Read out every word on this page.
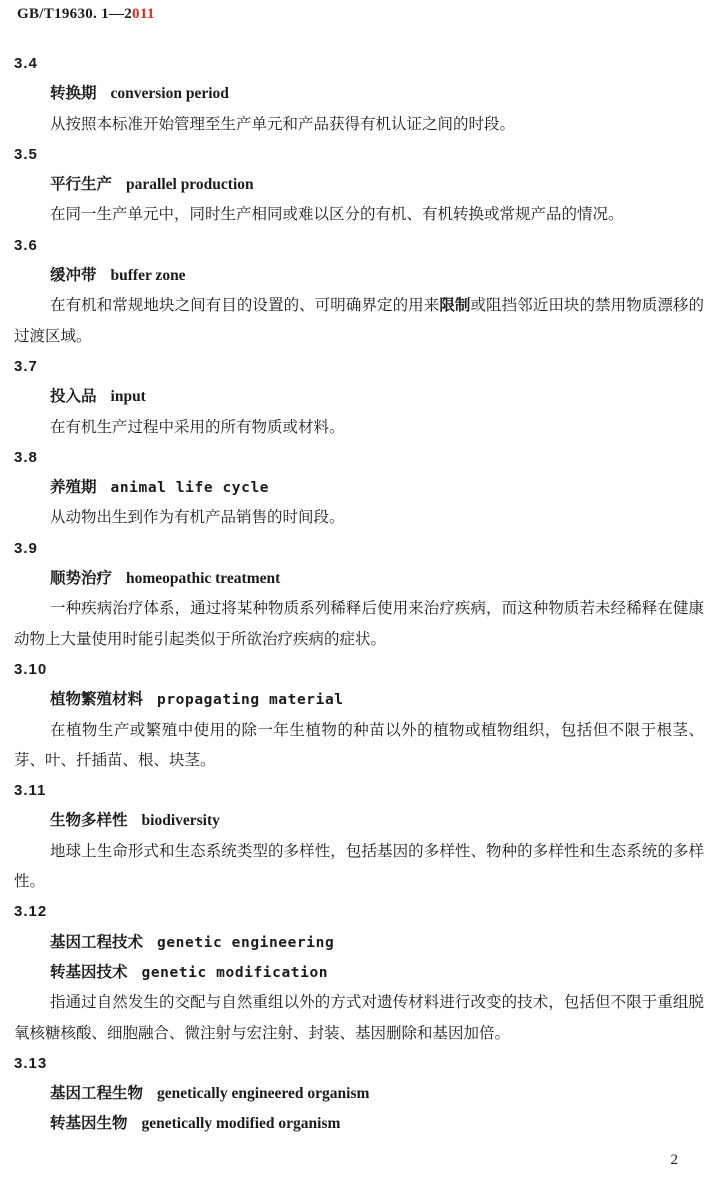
GB/T19630. 1—2011
3.4
转换期 conversion period

从按照本标准开始管理至生产单元和产品获得有机认证之间的时段。

3.5
平行生产 parallel production

在同一生产单元中，同时生产相同或难以区分的有机、有机转换或常规产品的情况。

3.6
缓冲带 buffer zone

在有机和常规地块之间有目的设置的、可明确界定的用来限制或阻挡邻近田块的禁用物质漂移的过渡区域。

3.7
投入品 input

在有机生产过程中采用的所有物质或材料。

3.8
养殖期 animal life cycle

从动物出生到作为有机产品销售的时间段。

3.9
顺势治疗 homeopathic treatment

一种疾病治疗体系，通过将某种物质系列稀释后使用来治疗疾病，而这种物质若未经稀释在健康动物上大量使用时能引起类似于所欲治疗疾病的症状。

3.10
植物繁殖材料 propagating material

在植物生产或繁殖中使用的除一年生植物的种苗以外的植物或植物组织，包括但不限于根茎、芽、叶、扦插苗、根、块茎。

3.11
生物多样性 biodiversity

地球上生命形式和生态系统类型的多样性，包括基因的多样性、物种的多样性和生态系统的多样性。

3.12
基因工程技术 genetic engineering
转基因技术 genetic modification

指通过自然发生的交配与自然重组以外的方式对遗传材料进行改变的技术，包括但不限于重组脱氧核糖核酸、细胞融合、微注射与宏注射、封装、基因删除和基因加倍。

3.13
基因工程生物 genetically engineered organism
转基因生物 genetically modified organism
2
